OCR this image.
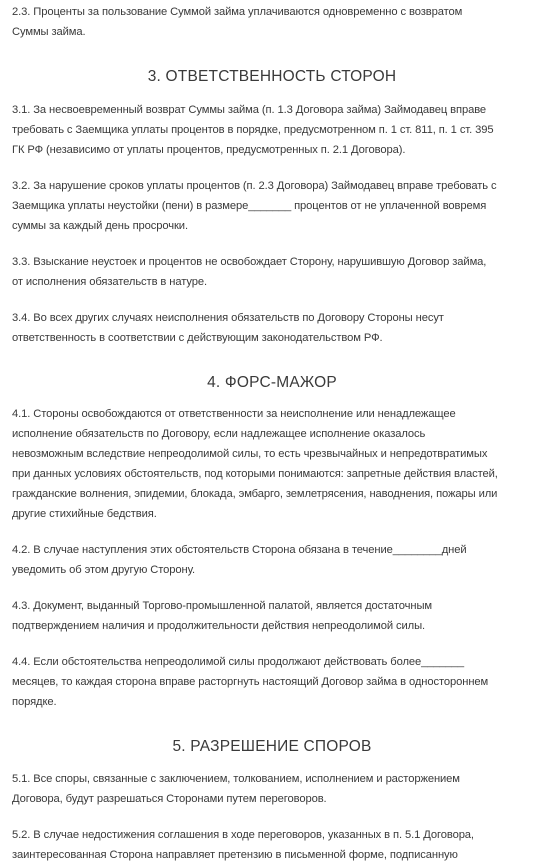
2.3. Проценты за пользование Суммой займа уплачиваются одновременно с возвратом
Суммы займа.

3. ОТВЕТСТВЕННОСТЬ СТОРОН

3.1. За несвоевременный возврат Суммы займа (п. 1.3 Договора займа) Займодавец вправе
требовать с Заемщика уплаты процентов в порядке, предусмотренном п. 1 ст. 811, п. 1 ст. 395
ГК РФ (независимо от уплаты процентов, предусмотренных п. 2.1 Договора).

3.2. За нарушение сроков уплаты процентов (п. 2.3 Договора) Займодавец вправе требовать с
Заемщика уплаты неустойки (пени) в размере_______ процентов от не уплаченной вовремя
суммы за каждый день просрочки.

3.3. Взыскание неустоек и процентов не освобождает Сторону, нарушившую Договор займа,
от исполнения обязательств в натуре.

3.4. Во всех других случаях неисполнения обязательств по Договору Стороны несут
ответственность в соответствии с действующим законодательством РФ.

4. ФОРС-МАЖОР

4.1. Стороны освобождаются от ответственности за неисполнение или ненадлежащее
исполнение обязательств по Договору, если надлежащее исполнение оказалось
невозможным вследствие непреодолимой силы, то есть чрезвычайных и непредотвратимых
при данных условиях обстоятельств, под которыми понимаются: запретные действия властей,
гражданские волнения, эпидемии, блокада, эмбарго, землетрясения, наводнения, пожары или
другие стихийные бедствия.

4.2. В случае наступления этих обстоятельств Сторона обязана в течение________дней
уведомить об этом другую Сторону.

4.3. Документ, выданный Торгово-промышленной палатой, является достаточным
подтверждением наличия и продолжительности действия непреодолимой силы.

4.4. Если обстоятельства непреодолимой силы продолжают действовать более_______
месяцев, то каждая сторона вправе расторгнуть настоящий Договор займа в одностороннем
порядке.

5. РАЗРЕШЕНИЕ СПОРОВ

5.1. Все споры, связанные с заключением, толкованием, исполнением и расторжением
Договора, будут разрешаться Сторонами путем переговоров.

5.2. В случае недостижения соглашения в ходе переговоров, указанных в п. 5.1 Договора,
заинтересованная Сторона направляет претензию в письменной форме, подписанную
